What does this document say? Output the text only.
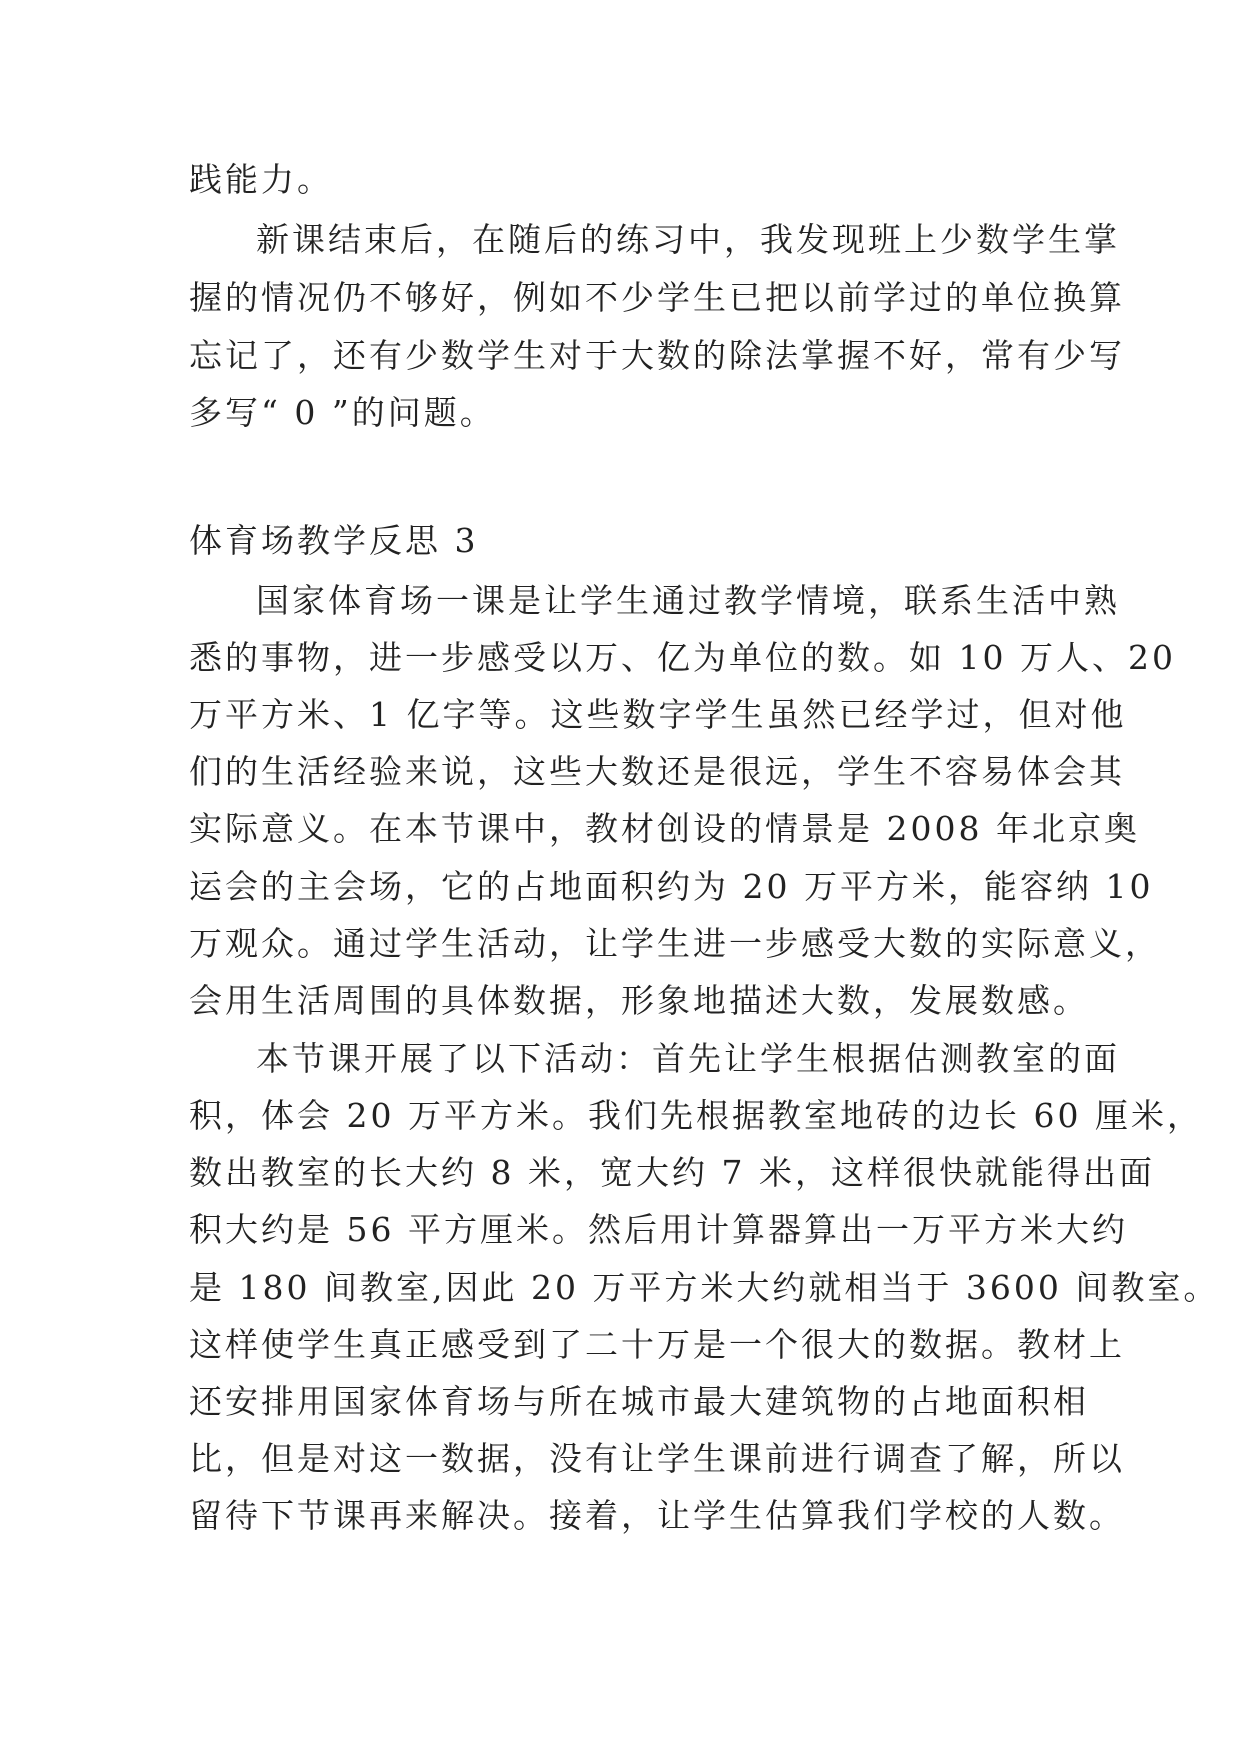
践能力。
新课结束后，在随后的练习中，我发现班上少数学生掌
握的情况仍不够好，例如不少学生已把以前学过的单位换算
忘记了，还有少数学生对于大数的除法掌握不好，常有少写
多写“ 0 ”的问题。
体育场教学反思 3
国家体育场一课是让学生通过教学情境，联系生活中熟
悉的事物，进一步感受以万、亿为单位的数。如 10 万人、20
万平方米、1 亿字等。这些数字学生虽然已经学过，但对他
们的生活经验来说，这些大数还是很远，学生不容易体会其
实际意义。在本节课中，教材创设的情景是 2008 年北京奥
运会的主会场，它的占地面积约为 20 万平方米，能容纳 10
万观众。通过学生活动，让学生进一步感受大数的实际意义，
会用生活周围的具体数据，形象地描述大数，发展数感。
本节课开展了以下活动：首先让学生根据估测教室的面
积，体会 20 万平方米。我们先根据教室地砖的边长 60 厘米，
数出教室的长大约 8 米，宽大约 7 米，这样很快就能得出面
积大约是 56 平方厘米。然后用计算器算出一万平方米大约
是 180 间教室,因此 20 万平方米大约就相当于 3600 间教室。
这样使学生真正感受到了二十万是一个很大的数据。教材上
还安排用国家体育场与所在城市最大建筑物的占地面积相
比，但是对这一数据，没有让学生课前进行调查了解，所以
留待下节课再来解决。接着，让学生估算我们学校的人数。
